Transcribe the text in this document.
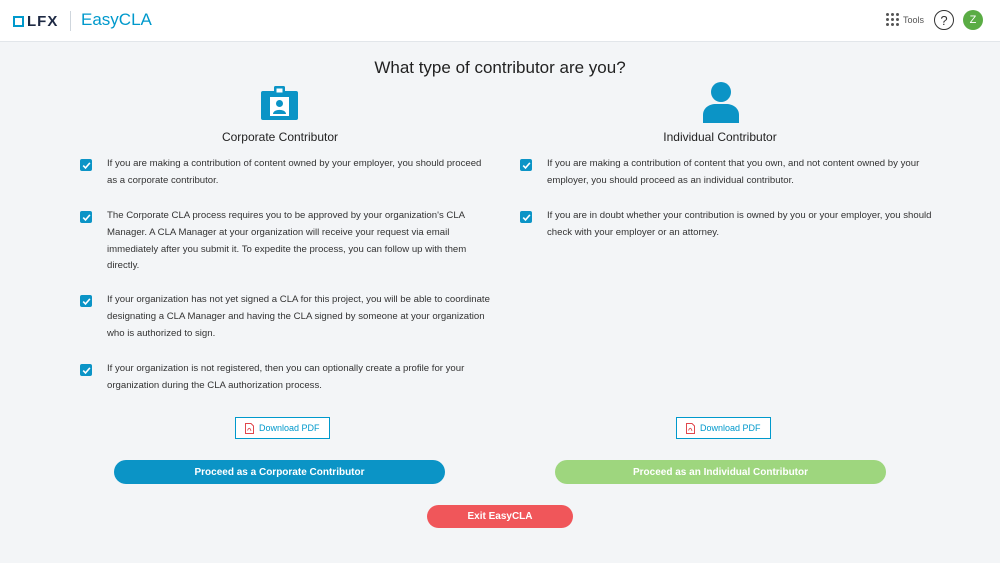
LFX EasyCLA	Tools	?	Z
What type of contributor are you?
Corporate Contributor
If you are making a contribution of content owned by your employer, you should proceed as a corporate contributor.
The Corporate CLA process requires you to be approved by your organization's CLA Manager. A CLA Manager at your organization will receive your request via email immediately after you submit it. To expedite the process, you can follow up with them directly.
If your organization has not yet signed a CLA for this project, you will be able to coordinate designating a CLA Manager and having the CLA signed by someone at your organization who is authorized to sign.
If your organization is not registered, then you can optionally create a profile for your organization during the CLA authorization process.
Download PDF
Proceed as a Corporate Contributor
Individual Contributor
If you are making a contribution of content that you own, and not content owned by your employer, you should proceed as an individual contributor.
If you are in doubt whether your contribution is owned by you or your employer, you should check with your employer or an attorney.
Download PDF
Proceed as an Individual Contributor
Exit EasyCLA
